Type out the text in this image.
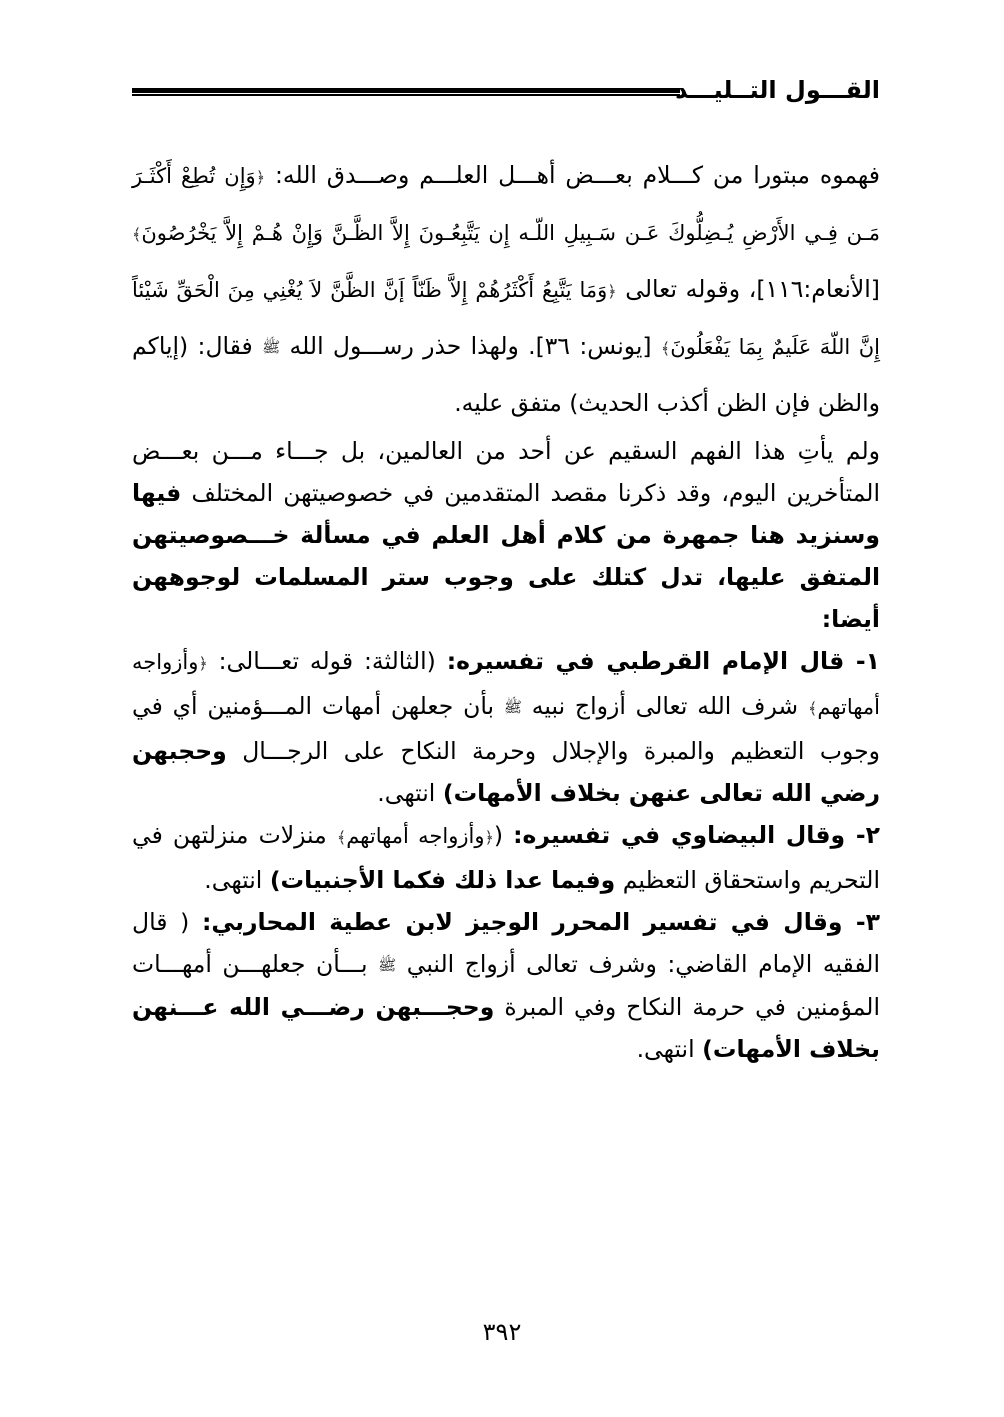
القـــول التــليـــد

فهموه مبتورا من كـــلام بعـــض أهـــل العلـــم وصـــدق الله: ﴿وَإِن تُطِعْ أَكْثَـرَ مَـن فِـي الأَرْضِ يُـضِلُّوكَ عَـن سَـبِيلِ اللّـه إِن يَتَّبِعُـونَ إِلاَّ الظَّـنَّ وَإِنْ هُـمْ إِلاَّ يَخْرُصُونَ﴾ [الأنعام:١١٦]، وقوله تعالى ﴿وَمَا يَتَّبِعُ أَكْثَرُهُمْ إِلاَّ ظَنّاً إَنَّ الظَّنَّ لاَ يُغْنِي مِنَ الْحَقِّ شَيْئاً إِنَّ اللّهَ عَلَيمٌ بِمَا يَفْعَلُونَ﴾ [يونس: ٣٦]. ولهذا حذر رســـول الله ﷺ فقال: (إياكم والظن فإن الظن أكذب الحديث) متفق عليه.

ولم يأتِ هذا الفهم السقيم عن أحد من العالمين، بل جـــاء مـــن بعـــض المتأخرين اليوم، وقد ذكرنا مقصد المتقدمين في خصوصيتهن المختلف فيها وسنزيد هنا جمهرة من كلام أهل العلم في مسألة خـــصوصيتهن المتفق عليها، تدل كتلك على وجوب ستر المسلمات لوجوههن أيضا:

١- قال الإمام القرطبي في تفسيره: (الثالثة: قوله تعـــالى: ﴿وأزواجه أمهاتهم﴾ شرف الله تعالى أزواج نبيه ﷺ بأن جعلهن أمهات المـــؤمنين أي في وجوب التعظيم والمبرة والإجلال وحرمة النكاح على الرجـــال وحجبهن رضي الله تعالى عنهن بخلاف الأمهات) انتهى.

٢- وقال البيضاوي في تفسيره: (﴿وأزواجه أمهاتهم﴾ منزلات منزلتهن في التحريم واستحقاق التعظيم وفيما عدا ذلك فكما الأجنبيات) انتهى.

٣- وقال في تفسير المحرر الوجيز لابن عطية المحاربي: ( قال الفقيه الإمام القاضي: وشرف تعالى أزواج النبي ﷺ بـــأن جعلهـــن أمهـــات المؤمنين في حرمة النكاح وفي المبرة وحجـــبهن رضـــي الله عـــنهن بخلاف الأمهات) انتهى.

٣٩٢
